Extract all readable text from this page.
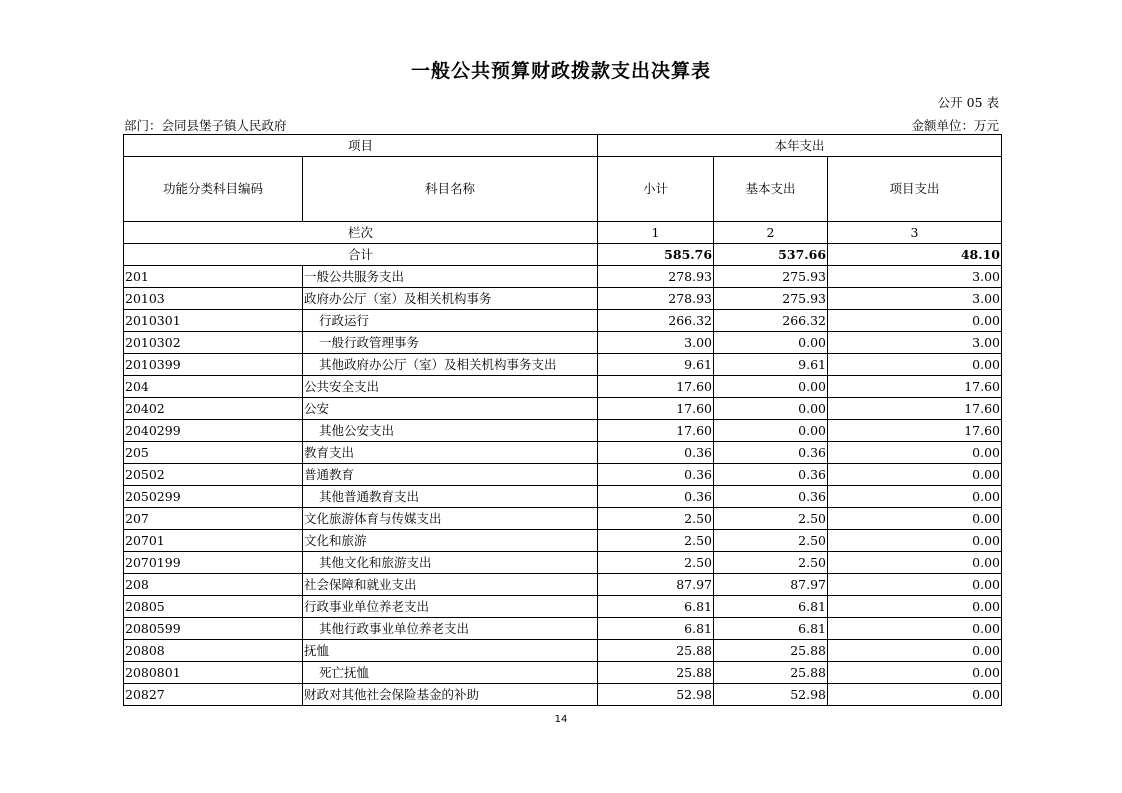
一般公共预算财政拨款支出决算表
公开 05 表
部门：会同县堡子镇人民政府	金额单位：万元
项目		本年支出		
功能分类科目编码	科目名称	小计	基本支出	项目支出
栏次		1	2	3
合计		585.76	537.66	48.10
201	一般公共服务支出	278.93	275.93	3.00
20103	政府办公厅（室）及相关机构事务	278.93	275.93	3.00
2010301	行政运行	266.32	266.32	0.00
2010302	一般行政管理事务	3.00	0.00	3.00
2010399	其他政府办公厅（室）及相关机构事务支出	9.61	9.61	0.00
204	公共安全支出	17.60	0.00	17.60
20402	公安	17.60	0.00	17.60
2040299	其他公安支出	17.60	0.00	17.60
205	教育支出	0.36	0.36	0.00
20502	普通教育	0.36	0.36	0.00
2050299	其他普通教育支出	0.36	0.36	0.00
207	文化旅游体育与传媒支出	2.50	2.50	0.00
20701	文化和旅游	2.50	2.50	0.00
2070199	其他文化和旅游支出	2.50	2.50	0.00
208	社会保障和就业支出	87.97	87.97	0.00
20805	行政事业单位养老支出	6.81	6.81	0.00
2080599	其他行政事业单位养老支出	6.81	6.81	0.00
20808	抚恤	25.88	25.88	0.00
2080801	死亡抚恤	25.88	25.88	0.00
20827	财政对其他社会保险基金的补助	52.98	52.98	0.00
14
